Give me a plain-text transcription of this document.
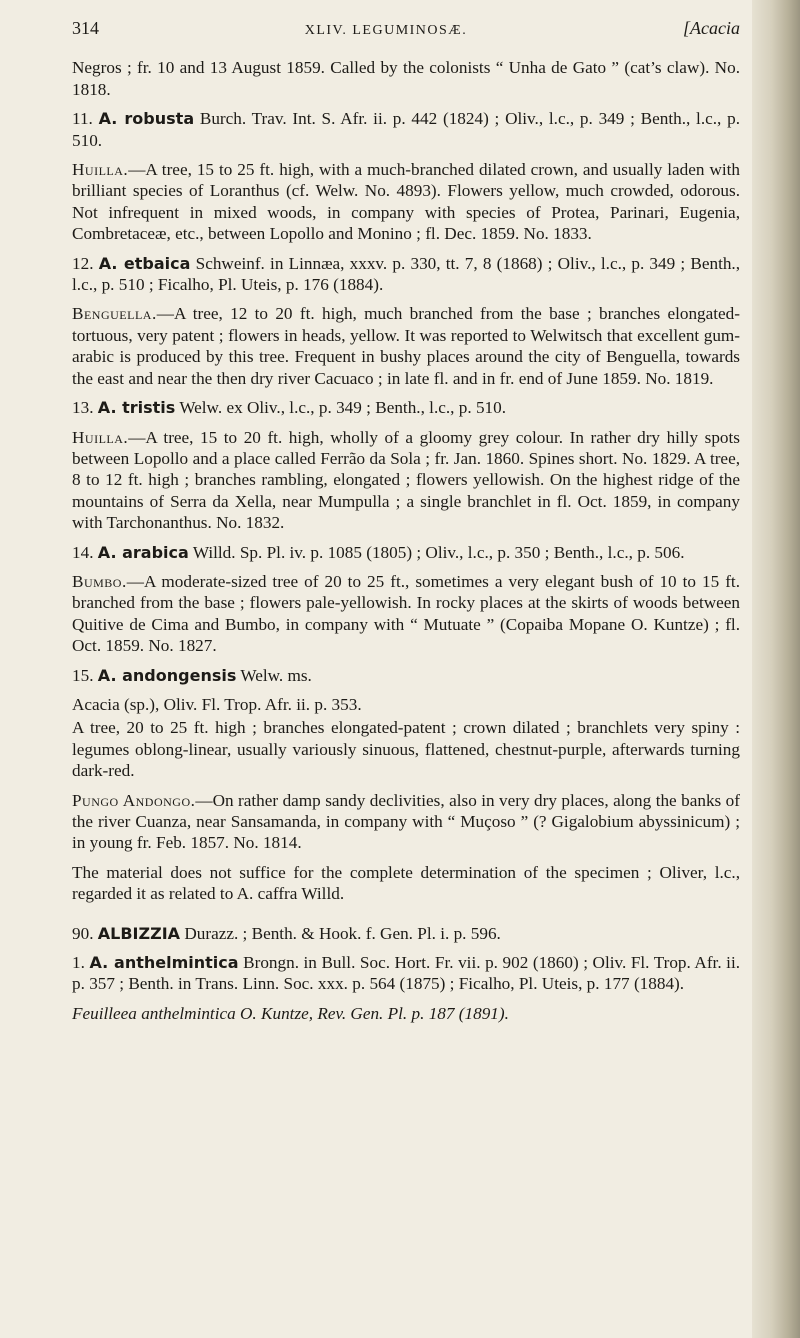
314	XLIV. LEGUMINOSÆ.	[Acacia

Negros ; fr. 10 and 13 August 1859. Called by the colonists “ Unha de Gato ” (cat’s claw). No. 1818.

11. A. robusta Burch. Trav. Int. S. Afr. ii. p. 442 (1824) ; Oliv., l.c., p. 349 ; Benth., l.c., p. 510.

Huilla.—A tree, 15 to 25 ft. high, with a much-branched dilated crown, and usually laden with brilliant species of Loranthus (cf. Welw. No. 4893). Flowers yellow, much crowded, odorous. Not infrequent in mixed woods, in company with species of Protea, Parinari, Eugenia, Combretaceæ, etc., between Lopollo and Monino ; fl. Dec. 1859. No. 1833.

12. A. etbaica Schweinf. in Linnæa, xxxv. p. 330, tt. 7, 8 (1868) ; Oliv., l.c., p. 349 ; Benth., l.c., p. 510 ; Ficalho, Pl. Uteis, p. 176 (1884).

Benguella.—A tree, 12 to 20 ft. high, much branched from the base ; branches elongated-tortuous, very patent ; flowers in heads, yellow. It was reported to Welwitsch that excellent gum-arabic is produced by this tree. Frequent in bushy places around the city of Benguella, towards the east and near the then dry river Cacuaco ; in late fl. and in fr. end of June 1859. No. 1819.

13. A. tristis Welw. ex Oliv., l.c., p. 349 ; Benth., l.c., p. 510.

Huilla.—A tree, 15 to 20 ft. high, wholly of a gloomy grey colour. In rather dry hilly spots between Lopollo and a place called Ferrão da Sola ; fr. Jan. 1860. Spines short. No. 1829. A tree, 8 to 12 ft. high ; branches rambling, elongated ; flowers yellowish. On the highest ridge of the mountains of Serra da Xella, near Mumpulla ; a single branchlet in fl. Oct. 1859, in company with Tarchonanthus. No. 1832.

14. A. arabica Willd. Sp. Pl. iv. p. 1085 (1805) ; Oliv., l.c., p. 350 ; Benth., l.c., p. 506.

Bumbo.—A moderate-sized tree of 20 to 25 ft., sometimes a very elegant bush of 10 to 15 ft. branched from the base ; flowers pale-yellowish. In rocky places at the skirts of woods between Quitive de Cima and Bumbo, in company with “ Mutuate ” (Copaiba Mopane O. Kuntze) ; fl. Oct. 1859. No. 1827.

15. A. andongensis Welw. ms.

Acacia (sp.), Oliv. Fl. Trop. Afr. ii. p. 353.

A tree, 20 to 25 ft. high ; branches elongated-patent ; crown dilated ; branchlets very spiny : legumes oblong-linear, usually variously sinuous, flattened, chestnut-purple, afterwards turning dark-red.

Pungo Andongo.—On rather damp sandy declivities, also in very dry places, along the banks of the river Cuanza, near Sansamanda, in company with “ Muçoso ” (? Gigalobium abyssinicum) ; in young fr. Feb. 1857. No. 1814.

The material does not suffice for the complete determination of the specimen ; Oliver, l.c., regarded it as related to A. caffra Willd.

90. ALBIZZIA Durazz. ; Benth. & Hook. f. Gen. Pl. i. p. 596.

1. A. anthelmintica Brongn. in Bull. Soc. Hort. Fr. vii. p. 902 (1860) ; Oliv. Fl. Trop. Afr. ii. p. 357 ; Benth. in Trans. Linn. Soc. xxx. p. 564 (1875) ; Ficalho, Pl. Uteis, p. 177 (1884).

Feuilleea anthelmintica O. Kuntze, Rev. Gen. Pl. p. 187 (1891).
